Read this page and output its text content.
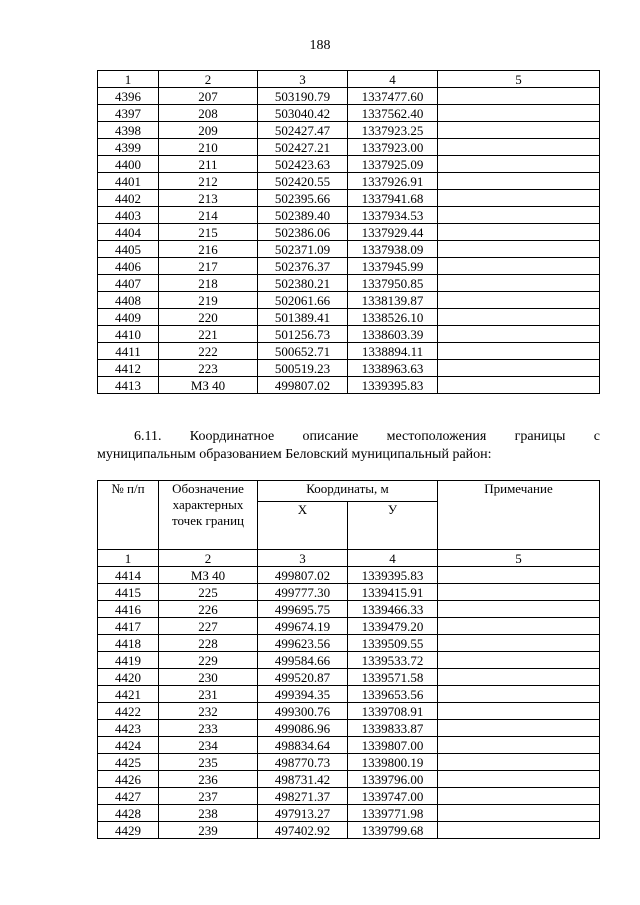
188
1	2	3	4	5
4396	207	503190.79	1337477.60	
4397	208	503040.42	1337562.40	
4398	209	502427.47	1337923.25	
4399	210	502427.21	1337923.00	
4400	211	502423.63	1337925.09	
4401	212	502420.55	1337926.91	
4402	213	502395.66	1337941.68	
4403	214	502389.40	1337934.53	
4404	215	502386.06	1337929.44	
4405	216	502371.09	1337938.09	
4406	217	502376.37	1337945.99	
4407	218	502380.21	1337950.85	
4408	219	502061.66	1338139.87	
4409	220	501389.41	1338526.10	
4410	221	501256.73	1338603.39	
4411	222	500652.71	1338894.11	
4412	223	500519.23	1338963.63	
4413	МЗ 40	499807.02	1339395.83	
6.11. Координатное описание местоположения границы с
муниципальным образованием Беловский муниципальный район:
№ п/п	Обозначение характерных точек границ	Координаты, м		Примечание
		Х	У	
1	2	3	4	5
4414	МЗ 40	499807.02	1339395.83	
4415	225	499777.30	1339415.91	
4416	226	499695.75	1339466.33	
4417	227	499674.19	1339479.20	
4418	228	499623.56	1339509.55	
4419	229	499584.66	1339533.72	
4420	230	499520.87	1339571.58	
4421	231	499394.35	1339653.56	
4422	232	499300.76	1339708.91	
4423	233	499086.96	1339833.87	
4424	234	498834.64	1339807.00	
4425	235	498770.73	1339800.19	
4426	236	498731.42	1339796.00	
4427	237	498271.37	1339747.00	
4428	238	497913.27	1339771.98	
4429	239	497402.92	1339799.68	
